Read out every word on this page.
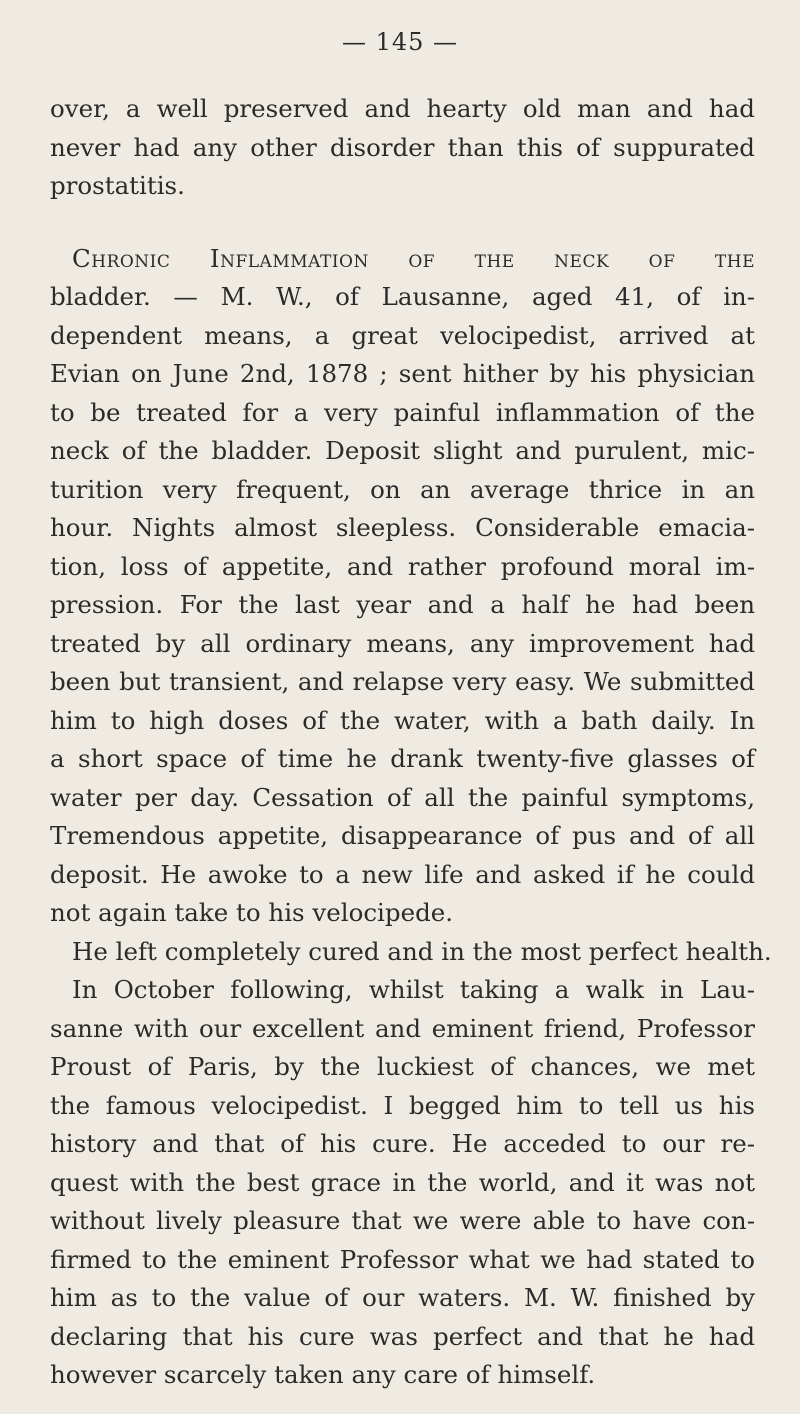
— 145 —
over, a well preserved and hearty old man and had
never had any other disorder than this of suppurated
prostatitis.
Chronic Inflammation of the neck of the
bladder. — M. W., of Lausanne, aged 41, of in-
dependent means, a great velocipedist, arrived at
Evian on June 2nd, 1878 ; sent hither by his physician
to be treated for a very painful inflammation of the
neck of the bladder. Deposit slight and purulent, mic-
turition very frequent, on an average thrice in an
hour. Nights almost sleepless. Considerable emacia-
tion, loss of appetite, and rather profound moral im-
pression. For the last year and a half he had been
treated by all ordinary means, any improvement had
been but transient, and relapse very easy. We submitted
him to high doses of the water, with a bath daily. In
a short space of time he drank twenty-five glasses of
water per day. Cessation of all the painful symptoms,
Tremendous appetite, disappearance of pus and of all
deposit. He awoke to a new life and asked if he could
not again take to his velocipede.
He left completely cured and in the most perfect health.
In October following, whilst taking a walk in Lau-
sanne with our excellent and eminent friend, Professor
Proust of Paris, by the luckiest of chances, we met
the famous velocipedist. I begged him to tell us his
history and that of his cure. He acceded to our re-
quest with the best grace in the world, and it was not
without lively pleasure that we were able to have con-
firmed to the eminent Professor what we had stated to
him as to the value of our waters. M. W. finished by
declaring that his cure was perfect and that he had
however scarcely taken any care of himself.
